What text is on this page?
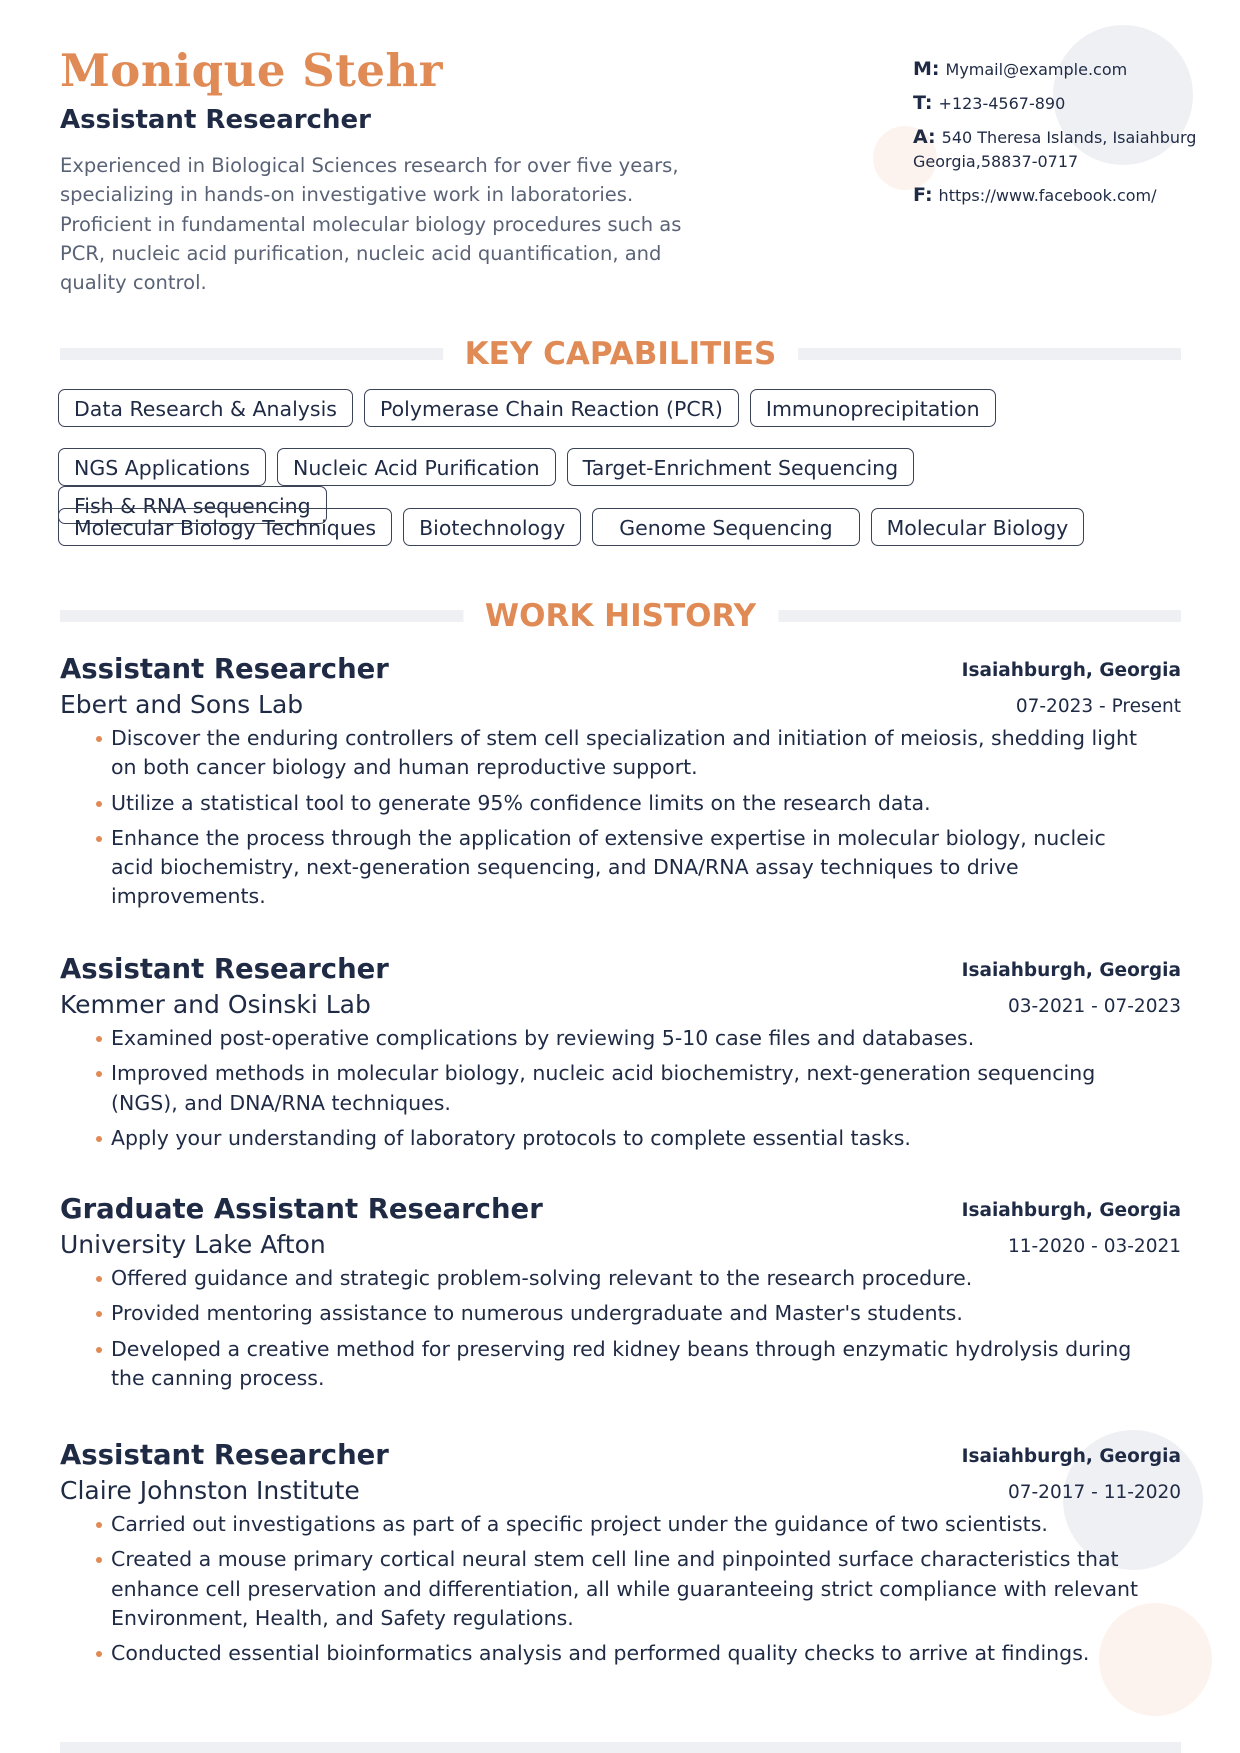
Monique Stehr
Assistant Researcher
Experienced in Biological Sciences research for over five years, specializing in hands-on investigative work in laboratories. Proficient in fundamental molecular biology procedures such as PCR, nucleic acid purification, nucleic acid quantification, and quality control.
M: Mymail@example.com
T: +123-4567-890
A: 540 Theresa Islands, Isaiahburg
Georgia,58837-0717
F: https://www.facebook.com/
KEY CAPABILITIES
Data Research & Analysis	Polymerase Chain Reaction (PCR)	Immunoprecipitation
NGS Applications	Nucleic Acid Purification	Target-Enrichment Sequencing
Fish & RNA sequencing
Molecular Biology Techniques	Biotechnology	Genome Sequencing	Molecular Biology
WORK HISTORY
Assistant Researcher	Isaiahburgh, Georgia
Ebert and Sons Lab	07-2023 - Present
Discover the enduring controllers of stem cell specialization and initiation of meiosis, shedding light on both cancer biology and human reproductive support.
Utilize a statistical tool to generate 95% confidence limits on the research data.
Enhance the process through the application of extensive expertise in molecular biology, nucleic acid biochemistry, next-generation sequencing, and DNA/RNA assay techniques to drive improvements.
Assistant Researcher	Isaiahburgh, Georgia
Kemmer and Osinski Lab	03-2021 - 07-2023
Examined post-operative complications by reviewing 5-10 case files and databases.
Improved methods in molecular biology, nucleic acid biochemistry, next-generation sequencing (NGS), and DNA/RNA techniques.
Apply your understanding of laboratory protocols to complete essential tasks.
Graduate Assistant Researcher	Isaiahburgh, Georgia
University Lake Afton	11-2020 - 03-2021
Offered guidance and strategic problem-solving relevant to the research procedure.
Provided mentoring assistance to numerous undergraduate and Master's students.
Developed a creative method for preserving red kidney beans through enzymatic hydrolysis during the canning process.
Assistant Researcher	Isaiahburgh, Georgia
Claire Johnston Institute	07-2017 - 11-2020
Carried out investigations as part of a specific project under the guidance of two scientists.
Created a mouse primary cortical neural stem cell line and pinpointed surface characteristics that enhance cell preservation and differentiation, all while guaranteeing strict compliance with relevant Environment, Health, and Safety regulations.
Conducted essential bioinformatics analysis and performed quality checks to arrive at findings.
